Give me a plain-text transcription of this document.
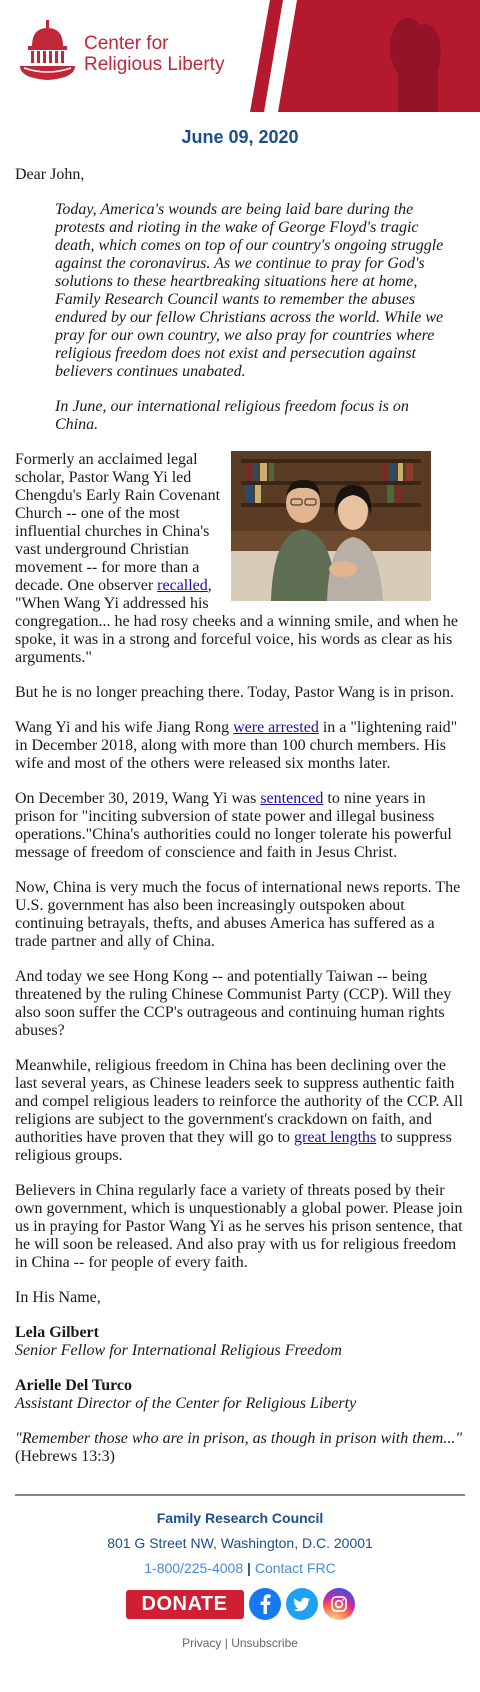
Center for
Religious Liberty
June 09, 2020
Dear John,

Today, America's wounds are being laid bare during the protests and rioting in the wake of George Floyd's tragic death, which comes on top of our country's ongoing struggle against the coronavirus. As we continue to pray for God's solutions to these heartbreaking situations here at home, Family Research Council wants to remember the abuses endured by our fellow Christians across the world. While we pray for our own country, we also pray for countries where religious freedom does not exist and persecution against believers continues unabated.

In June, our international religious freedom focus is on China.

Formerly an acclaimed legal scholar, Pastor Wang Yi led Chengdu's Early Rain Covenant Church -- one of the most influential churches in China's vast underground Christian movement -- for more than a decade. One observer recalled, "When Wang Yi addressed his congregation... he had rosy cheeks and a winning smile, and when he spoke, it was in a strong and forceful voice, his words as clear as his arguments."

But he is no longer preaching there. Today, Pastor Wang is in prison.

Wang Yi and his wife Jiang Rong were arrested in a "lightening raid" in December 2018, along with more than 100 church members. His wife and most of the others were released six months later.

On December 30, 2019, Wang Yi was sentenced to nine years in prison for "inciting subversion of state power and illegal business operations."China's authorities could no longer tolerate his powerful message of freedom of conscience and faith in Jesus Christ.

Now, China is very much the focus of international news reports. The U.S. government has also been increasingly outspoken about continuing betrayals, thefts, and abuses America has suffered as a trade partner and ally of China.

And today we see Hong Kong -- and potentially Taiwan -- being threatened by the ruling Chinese Communist Party (CCP). Will they also soon suffer the CCP's outrageous and continuing human rights abuses?

Meanwhile, religious freedom in China has been declining over the last several years, as Chinese leaders seek to suppress authentic faith and compel religious leaders to reinforce the authority of the CCP. All religions are subject to the government's crackdown on faith, and authorities have proven that they will go to great lengths to suppress religious groups.

Believers in China regularly face a variety of threats posed by their own government, which is unquestionably a global power. Please join us in praying for Pastor Wang Yi as he serves his prison sentence, that he will soon be released. And also pray with us for religious freedom in China -- for people of every faith.

In His Name,

Lela Gilbert
Senior Fellow for International Religious Freedom

Arielle Del Turco
Assistant Director of the Center for Religious Liberty

"Remember those who are in prison, as though in prison with them..."
(Hebrews 13:3)

Family Research Council
801 G Street NW, Washington, D.C. 20001
1-800/225-4008 | Contact FRC
DONATE
Privacy | Unsubscribe
